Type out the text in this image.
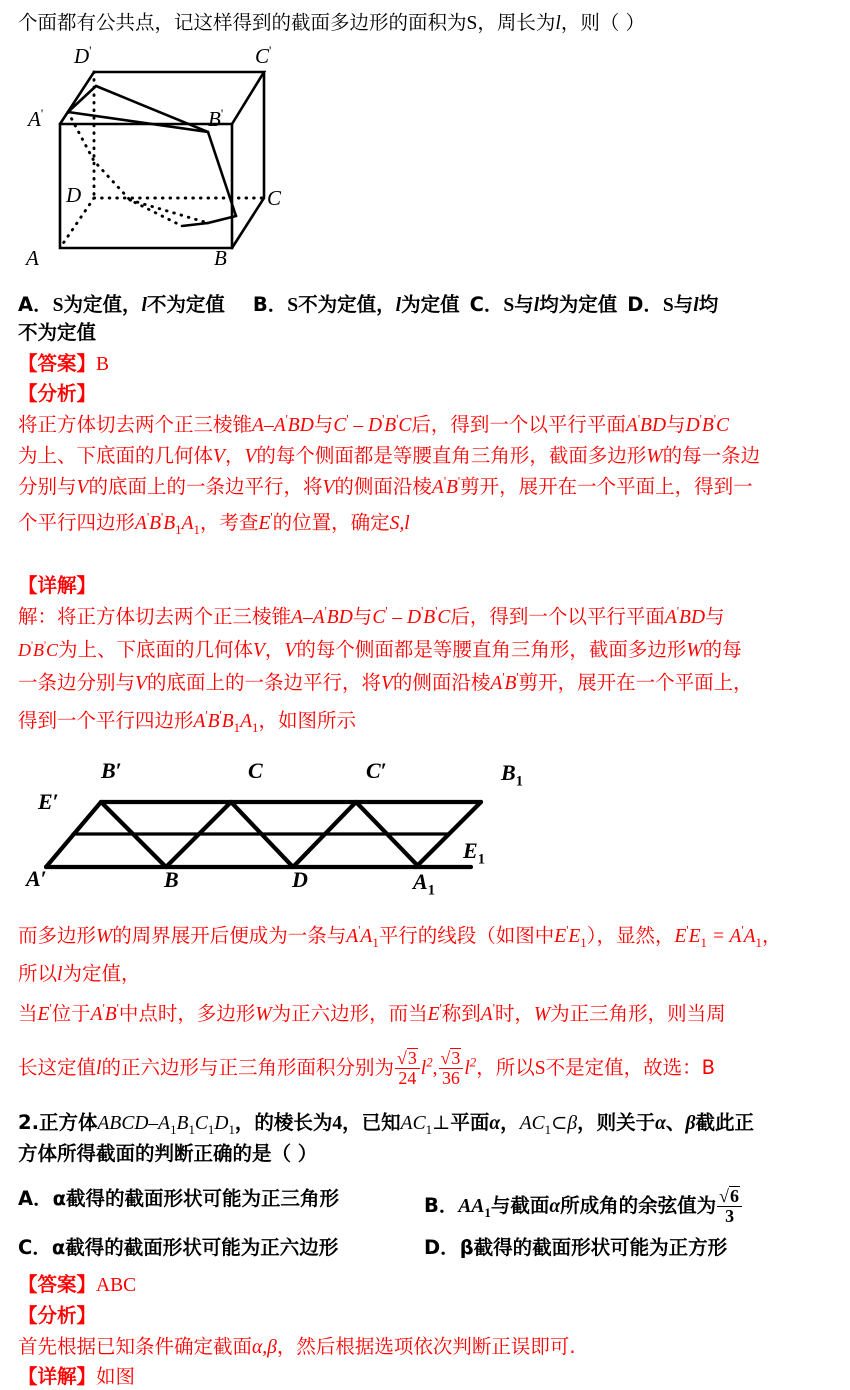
个面都有公共点，记这样得到的截面多边形的面积为S，周长为l，则（ ）
D'	C'
A'	B'
D	C
A	B
A．S为定值，l不为定值 B．S不为定值，l为定值 C．S与l均为定值 D．S与l均
不为定值
【答案】B
【分析】
将正方体切去两个正三棱锥A–A'BD与C' – D'B'C后，得到一个以平行平面A'BD与D'B'C
为上、下底面的几何体V，V的每个侧面都是等腰直角三角形，截面多边形W的每一条边
分别与V的底面上的一条边平行，将V的侧面沿棱A'B'剪开，展开在一个平面上，得到一
个平行四边形$A'B'B_1A_1$，考查E'的位置，确定S,l
【详解】
解：将正方体切去两个正三棱锥A–A'BD与C' – D'B'C后，得到一个以平行平面A'BD与
D'B'C为上、下底面的几何体V，V的每个侧面都是等腰直角三角形，截面多边形W的每
一条边分别与V的底面上的一条边平行，将V的侧面沿棱A'B'剪开，展开在一个平面上，
得到一个平行四边形$A'B'B_1A_1$，如图所示
B′	C	C′	$B_1$
E′
$E_1$
A′	B	D	$A_1$
而多边形W的周界展开后便成为一条与$A'A_1$平行的线段（如图中$E'E_1$），显然，$E'E_1 = A'A_1$，
所以l为定值，
当E'位于A'B'中点时，多边形W为正六边形，而当E'称到A'时，W为正三角形，则当周
长这定值l的正六边形与正三角形面积分别为 $\frac{√3}{24} l^2$, $\frac{√3}{36} l^2$，所以S不是定值，故选：B
2.正方体ABCD–$A_1B_1C_1D_1$，的棱长为4，已知$AC_1\perp$平面α，$AC_1\subset\beta$，则关于α、β截此正
方体所得截面的判断正确的是（ ）
A．α截得的截面形状可能为正三角形	B．$AA_1$与截面α所成角的余弦值为 $\frac{√6}{3}$
C．α截得的截面形状可能为正六边形	D．β截得的截面形状可能为正方形
【答案】ABC
【分析】
首先根据已知条件确定截面α,β，然后根据选项依次判断正误即可.
【详解】如图
